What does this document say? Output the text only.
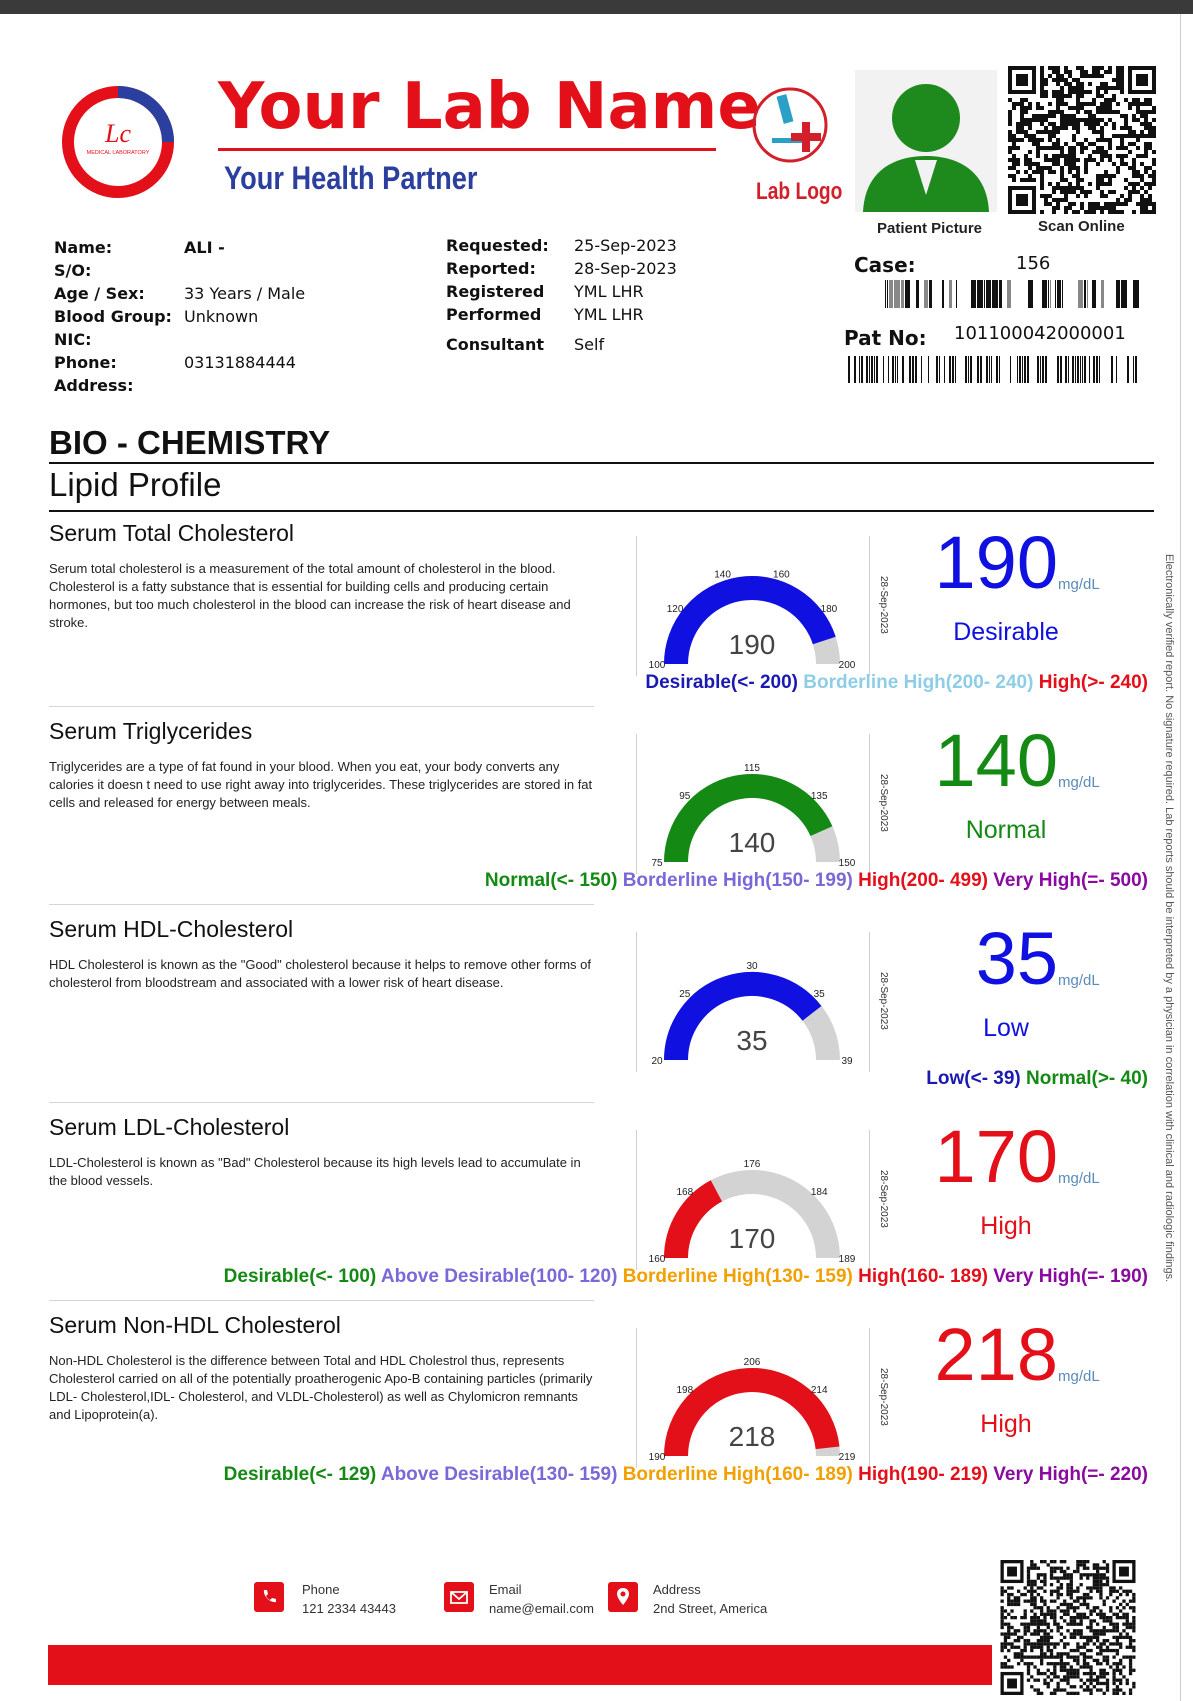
Lc
MEDICAL LABORATORY
Your Lab Name
Your Health Partner	Lab Logo
Patient Picture	Scan Online
Name:	ALI -
S/O:
Age / Sex: 33 Years / Male
Blood Group: Unknown
NIC:
Phone:	03131884444
Address:
Requested: 25-Sep-2023
Reported: 28-Sep-2023
Registered YML LHR
Performed YML LHR
Consultant Self
Case:	156
Pat No: 101100042000001
BIO - CHEMISTRY
Lipid Profile
Serum Total Cholesterol
Serum total cholesterol is a measurement of the total amount of cholesterol in the blood. Cholesterol is a fatty substance that is essential for building cells and producing certain hormones, but too much cholesterol in the blood can increase the risk of heart disease and stroke.
100
120
140	160
180
200
190
28-Sep-2023
190 mg/dL
Desirable
Desirable(<- 200) Borderline High(200- 240) High(>- 240)
Serum Triglycerides
Triglycerides are a type of fat found in your blood. When you eat, your body converts any calories it doesn t need to use right away into triglycerides. These triglycerides are stored in fat cells and released for energy between meals.
75
95
115
135
150
140
28-Sep-2023
140 mg/dL
Normal
Normal(<- 150) Borderline High(150- 199) High(200- 499) Very High(=- 500)
Serum HDL-Cholesterol
HDL Cholesterol is known as the "Good" cholesterol because it helps to remove other forms of cholesterol from bloodstream and associated with a lower risk of heart disease.
20
25
30
35
39
35
28-Sep-2023
35 mg/dL
Low
Low(<- 39) Normal(>- 40)
Serum LDL-Cholesterol
LDL-Cholesterol is known as "Bad" Cholesterol because its high levels lead to accumulate in the blood vessels.
160
168
176
184
189
170
28-Sep-2023
170 mg/dL
High
Desirable(<- 100) Above Desirable(100- 120) Borderline High(130- 159) High(160- 189) Very High(=- 190)
Serum Non-HDL Cholesterol
Non-HDL Cholesterol is the difference between Total and HDL Cholestrol thus, represents Cholesterol carried on all of the potentially proatherogenic Apo-B containing particles (primarily LDL- Cholesterol,IDL- Cholesterol, and VLDL-Cholesterol) as well as Chylomicron remnants and Lipoprotein(a).
190
198
206
214
219
218
28-Sep-2023
218 mg/dL
High
Desirable(<- 129) Above Desirable(130- 159) Borderline High(160- 189) High(190- 219) Very High(=- 220)
Electronically verified report. No signature required. Lab reports should be interpreted by a physician in correlation with clinical and radiologic findings.
Phone
121 2334 43443
Email
name@email.com
Address
2nd Street, America
